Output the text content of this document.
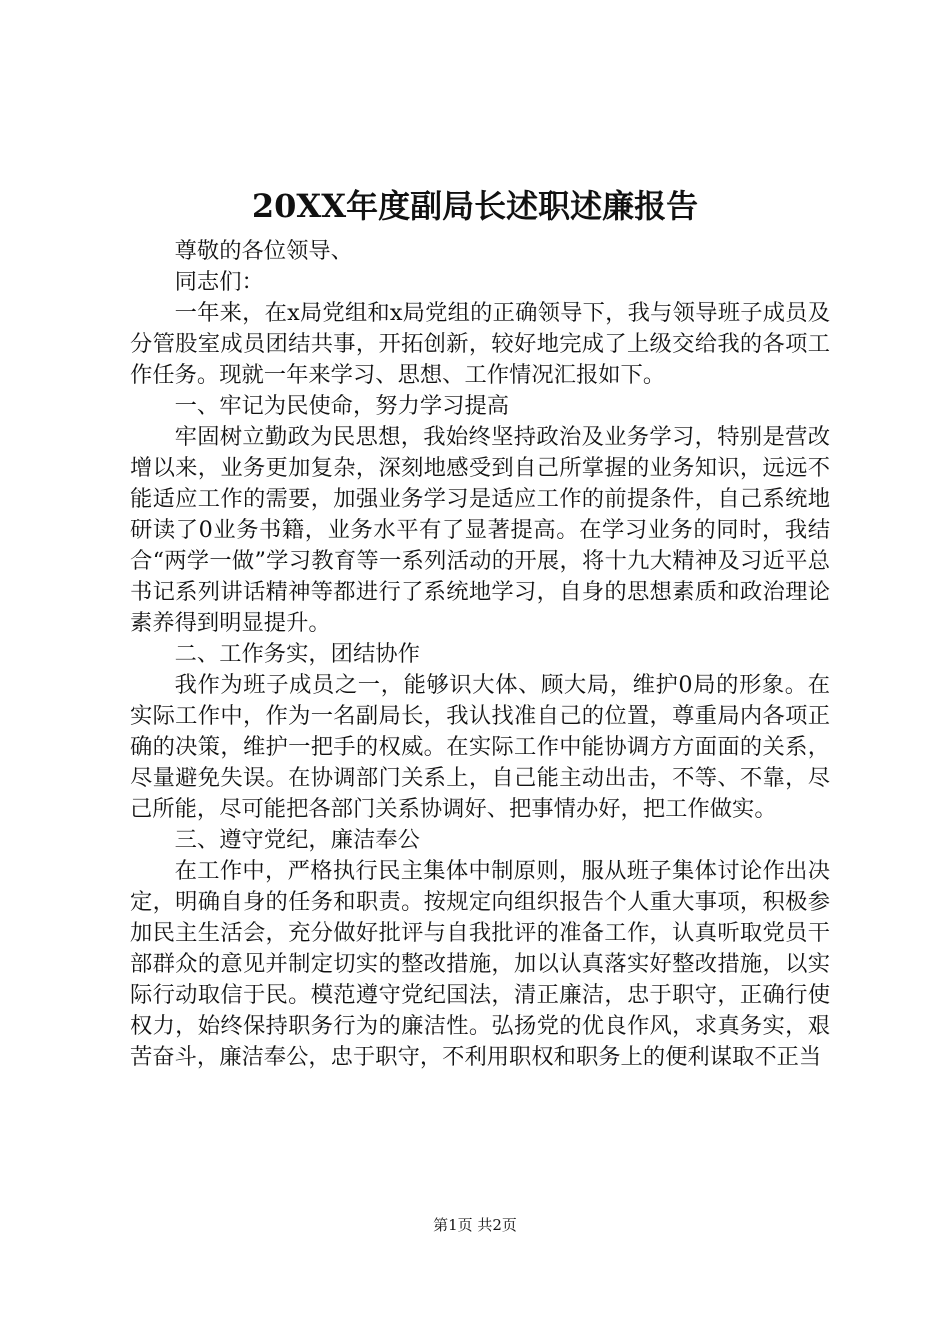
20XX年度副局长述职述廉报告

尊敬的各位领导、

同志们：

一年来，在x局党组和x局党组的正确领导下，我与领导班子成员及分管股室成员团结共事，开拓创新，较好地完成了上级交给我的各项工作任务。现就一年来学习、思想、工作情况汇报如下。

一、牢记为民使命，努力学习提高

牢固树立勤政为民思想，我始终坚持政治及业务学习，特别是营改增以来，业务更加复杂，深刻地感受到自己所掌握的业务知识，远远不能适应工作的需要，加强业务学习是适应工作的前提条件，自己系统地研读了0业务书籍，业务水平有了显著提高。在学习业务的同时，我结合“两学一做”学习教育等一系列活动的开展，将十九大精神及习近平总书记系列讲话精神等都进行了系统地学习，自身的思想素质和政治理论素养得到明显提升。

二、工作务实，团结协作

我作为班子成员之一，能够识大体、顾大局，维护0局的形象。在实际工作中，作为一名副局长，我认找准自己的位置，尊重局内各项正确的决策，维护一把手的权威。在实际工作中能协调方方面面的关系，尽量避免失误。在协调部门关系上，自己能主动出击，不等、不靠，尽己所能，尽可能把各部门关系协调好、把事情办好，把工作做实。

三、遵守党纪，廉洁奉公

在工作中，严格执行民主集体中制原则，服从班子集体讨论作出决定，明确自身的任务和职责。按规定向组织报告个人重大事项，积极参加民主生活会，充分做好批评与自我批评的准备工作，认真听取党员干部群众的意见并制定切实的整改措施，加以认真落实好整改措施，以实际行动取信于民。模范遵守党纪国法，清正廉洁，忠于职守，正确行使权力，始终保持职务行为的廉洁性。弘扬党的优良作风，求真务实，艰苦奋斗，廉洁奉公，忠于职守，不利用职权和职务上的便利谋取不正当

第1页 共2页
